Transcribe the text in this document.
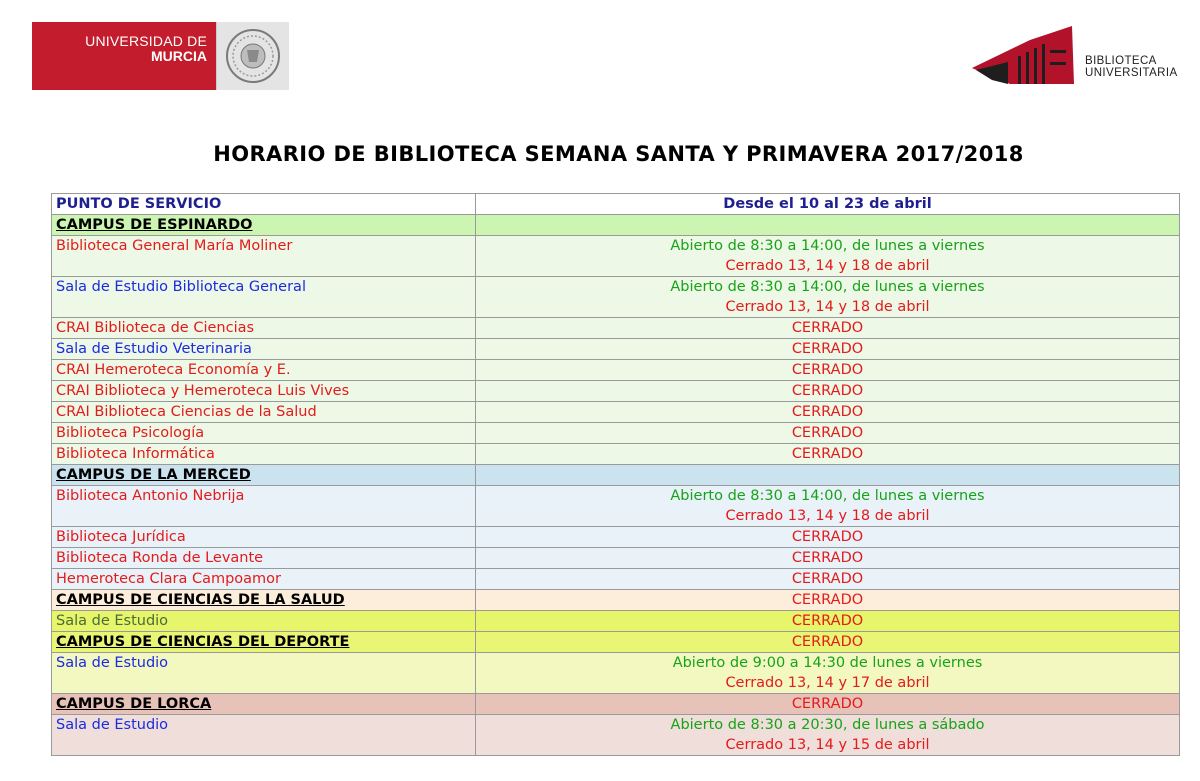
UNIVERSIDAD DE
MURCIA	BIBLIOTECA
UNIVERSITARIA
HORARIO DE BIBLIOTECA SEMANA SANTA Y PRIMAVERA 2017/2018
PUNTO DE SERVICIO	Desde el 10 al 23 de abril
CAMPUS DE ESPINARDO	
Biblioteca General María Moliner	Abierto de 8:30 a 14:00, de lunes a viernes
Cerrado 13, 14 y 18 de abril

Sala de Estudio Biblioteca General	Abierto de 8:30 a 14:00, de lunes a viernes
Cerrado 13, 14 y 18 de abril

CRAI Biblioteca de Ciencias	CERRADO
Sala de Estudio Veterinaria	CERRADO
CRAI Hemeroteca Economía y E.	CERRADO
CRAI Biblioteca y Hemeroteca Luis Vives	CERRADO
CRAI Biblioteca Ciencias de la Salud	CERRADO
Biblioteca Psicología	CERRADO
Biblioteca Informática	CERRADO
CAMPUS DE LA MERCED	
Biblioteca Antonio Nebrija	Abierto de 8:30 a 14:00, de lunes a viernes
Cerrado 13, 14 y 18 de abril

Biblioteca Jurídica	CERRADO
Biblioteca Ronda de Levante	CERRADO
Hemeroteca Clara Campoamor	CERRADO
CAMPUS DE CIENCIAS DE LA SALUD	CERRADO
Sala de Estudio	CERRADO
CAMPUS DE CIENCIAS DEL DEPORTE	CERRADO
Sala de Estudio	Abierto de 9:00 a 14:30 de lunes a viernes
Cerrado 13, 14 y 17 de abril

CAMPUS DE LORCA	CERRADO
Sala de Estudio	Abierto de 8:30 a 20:30, de lunes a sábado
Cerrado 13, 14 y 15 de abril
